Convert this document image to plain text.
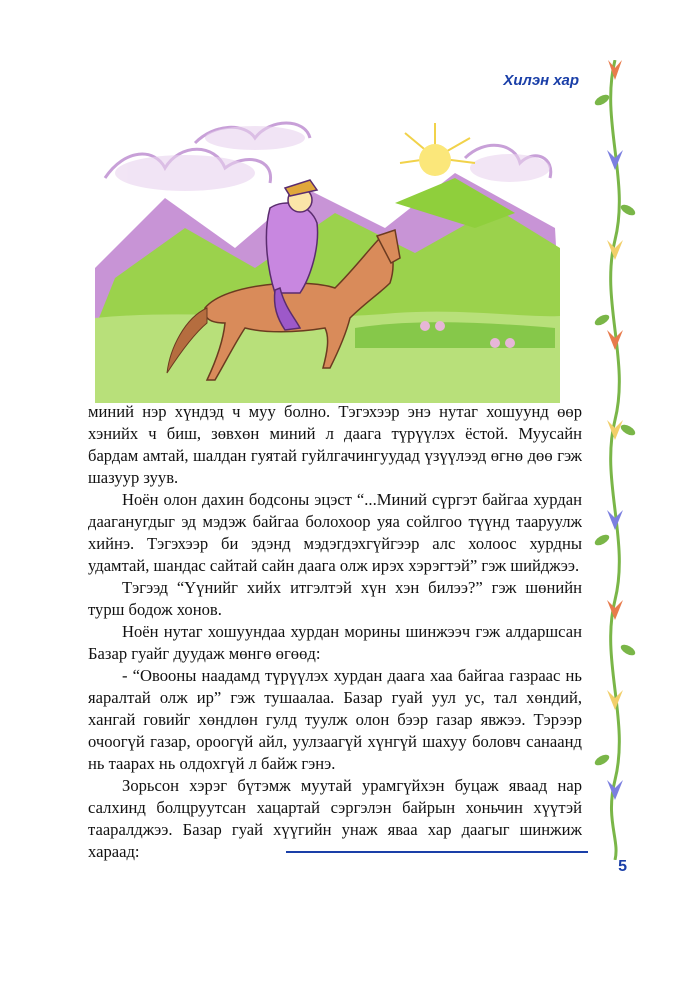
Хилэн хар

миний нэр хүндэд ч муу болно. Тэгэхээр энэ нутаг хошуунд өөр хэнийх ч биш, зөвхөн миний л даага түрүүлэх ёстой. Муусайн бардам амтай, шалдан гуятай гуйлгачингуудад үзүүлээд өгнө дөө гэж шазуур зуув.

Ноён олон дахин бодсоны эцэст “...Миний сүргэт байгаа хурдан дааганугдыг эд мэдэж байгаа болохоор уяа сойлгоо түүнд тааруулж хийнэ. Тэгэхээр би эдэнд мэдэгдэхгүйгээр алс холоос хурдны удамтай, шандас сайтай сайн даага олж ирэх хэрэгтэй” гэж шийджээ.

Тэгээд “Үүнийг хийх итгэлтэй хүн хэн билээ?” гэж шөнийн турш бодож хонов.

Ноён нутаг хошуундаа хурдан морины шинжээч гэж алдаршсан Базар гуайг дуудаж мөнгө өгөөд:

- “Овооны наадамд түрүүлэх хурдан даага хаа байгаа газраас нь яаралтай олж ир” гэж тушаалаа. Базар гуай уул ус, тал хөндий, хангай говийг хөндлөн гулд туулж олон бээр газар явжээ. Тэрээр очоогүй газар, ороогүй айл, уулзаагүй хүнгүй шахуу боловч санаанд нь таарах нь олдохгүй л байж гэнэ.

Зорьсон хэрэг бүтэмж муутай урамгүйхэн буцаж яваад нар салхинд болцруутсан хацартай сэргэлэн байрын хоньчин хүүтэй тааралджээ. Базар гуай хүүгийн унаж яваа хар даагыг шинжиж хараад:

5
